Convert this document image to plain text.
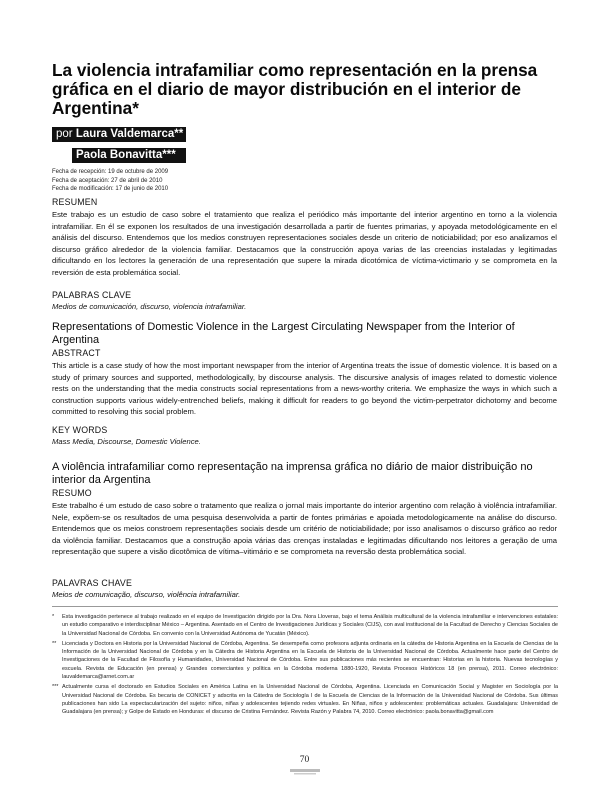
La violencia intrafamiliar como representación en la prensa gráfica en el diario de mayor distribución en el interior de Argentina*
por Laura Valdemarca**
Paola Bonavitta***
Fecha de recepción: 19 de octubre de 2009
Fecha de aceptación: 27 de abril de 2010
Fecha de modificación: 17 de junio de 2010
RESUMEN
Este trabajo es un estudio de caso sobre el tratamiento que realiza el periódico más importante del interior argentino en torno a la violencia intrafamiliar. En él se exponen los resultados de una investigación desarrollada a partir de fuentes primarias, y apoyada metodológicamente en el análisis del discurso. Entendemos que los medios construyen representaciones sociales desde un criterio de noticiabilidad; por eso analizamos el discurso gráfico alrededor de la violencia familiar. Destacamos que la construcción apoya varias de las creencias instaladas y legitimadas dificultando en los lectores la generación de una representación que supere la mirada dicotómica de víctima-victimario y se comprometa en la reversión de esta problemática social.
PALABRAS CLAVE
Medios de comunicación, discurso, violencia intrafamiliar.
Representations of Domestic Violence in the Largest Circulating Newspaper from the Interior of Argentina
ABSTRACT
This article is a case study of how the most important newspaper from the interior of Argentina treats the issue of domestic violence. It is based on a study of primary sources and supported, methodologically, by discourse analysis. The discursive analysis of images related to domestic violence rests on the understanding that the media constructs social representations from a news-worthy criteria. We emphasize the ways in which such a construction supports various widely-entrenched beliefs, making it difficult for readers to go beyond the victim-perpetrator dichotomy and become committed to resolving this social problem.
KEY WORDS
Mass Media, Discourse, Domestic Violence.
A violência intrafamiliar como representação na imprensa gráfica no diário de maior distribuição no interior da Argentina
RESUMO
Este trabalho é um estudo de caso sobre o tratamento que realiza o jornal mais importante do interior argentino com relação à violência intrafamiliar. Nele, expõem-se os resultados de uma pesquisa desenvolvida a partir de fontes primárias e apoiada metodologicamente na análise do discurso. Entendemos que os meios constroem representações sociais desde um critério de noticiabilidade; por isso analisamos o discurso gráfico ao redor da violência familiar. Destacamos que a construção apoia várias das crenças instaladas e legitimadas dificultando nos leitores a geração de uma representação que supere a visão dicotômica de vítima–vitimário e se comprometa na reversão desta problemática social.
PALAVRAS CHAVE
Meios de comunicação, discurso, violência intrafamiliar.
* Esta investigación pertenece al trabajo realizado en el equipo de Investigación dirigido por la Dra. Nora Lloveras, bajo el tema Análisis multicultural de la violencia intrafamiliar e intervenciones estatales: un estudio comparativo e interdisciplinar México – Argentina. Asentado en el Centro de Investigaciones Jurídicas y Sociales (CIJS), con aval institucional de la Facultad de Derecho y Ciencias Sociales de la Universidad Nacional de Córdoba. En convenio con la Universidad Autónoma de Yucatán (México).
** Licenciada y Doctora en Historia por la Universidad Nacional de Córdoba, Argentina. Se desempeña como profesora adjunta ordinaria en la cátedra de Historia Argentina en la Escuela de Ciencias de la Información de la Universidad Nacional de Córdoba y en la Cátedra de Historia Argentina en la Escuela de Historia de la Universidad Nacional de Córdoba. Actualmente hace parte del Centro de Investigaciones de la Facultad de Filosofía y Humanidades, Universidad Nacional de Córdoba. Entre sus publicaciones más recientes se encuentran: Historias en la historia. Nuevas tecnologías y escuela. Revista de Educación (en prensa) y Grandes comerciantes y política en la Córdoba moderna 1880-1920, Revista Procesos Históricos 18 (en prensa), 2011. Correo electrónico: lauvaldemarca@arnet.com.ar
*** Actualmente cursa el doctorado en Estudios Sociales en América Latina en la Universidad Nacional de Córdoba, Argentina. Licenciada en Comunicación Social y Magister en Sociología por la Universidad Nacional de Córdoba. Es becaria de CONICET y adscrita en la Cátedra de Sociología I de la Escuela de Ciencias de la Información de la Universidad Nacional de Córdoba. Sus últimas publicaciones han sido La espectacularización del sujeto: niños, niñas y adolescentes tejiendo redes virtuales. En Niñas, niños y adolescentes: problemáticas actuales. Guadalajara: Universidad de Guadalajara (en prensa); y Golpe de Estado en Honduras: el discurso de Cristina Fernández. Revista Razón y Palabra 74, 2010. Correo electrónico: paola.bonavitta@gmail.com
70
